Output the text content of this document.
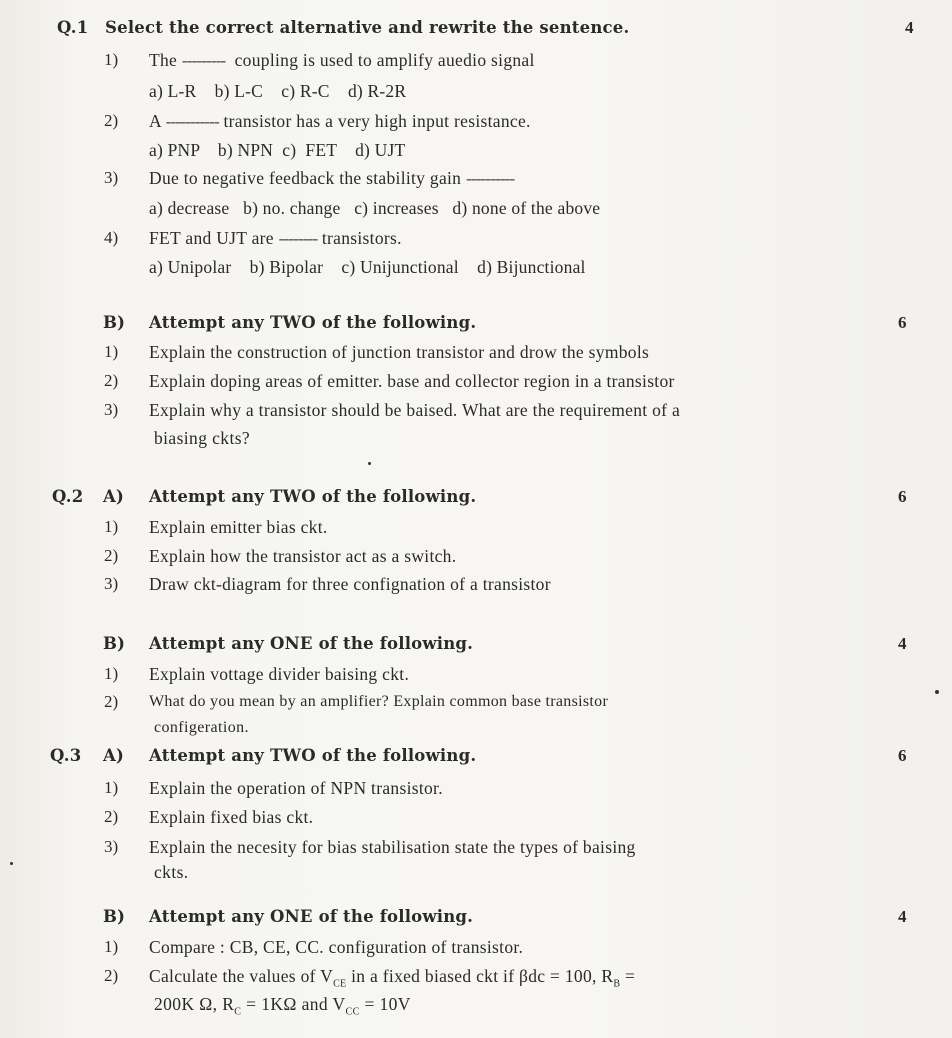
Q.1 Select the correct alternative and rewrite the sentence.	4
1) The --------- coupling is used to amplify auedio signal
a) L-R    b) L-C    c) R-C    d) R-2R
2) A ----------- transistor has a very high input resistance.
a) PNP    b) NPN  c)  FET    d) UJT
3) Due to negative feedback the stability gain ----------
a) decrease   b) no. change   c) increases   d) none of the above
4) FET and UJT are -------- transistors.
a) Unipolar    b) Bipolar    c) Unijunctional    d) Bijunctional
B) Attempt any TWO of the following.	6
1) Explain the construction of junction transistor and drow the symbols
2) Explain doping areas of emitter. base and collector region in a transistor
3) Explain why a transistor should be baised. What are the requirement of a
biasing ckts?
Q.2 A) Attempt any TWO of the following.	6
1) Explain emitter bias ckt.
2) Explain how the transistor act as a switch.
3) Draw ckt-diagram for three confignation of a transistor
B) Attempt any ONE of the following.	4
1) Explain vottage divider baising ckt.
2) What do you mean by an amplifier? Explain common base transistor
configeration.
Q.3 A) Attempt any TWO of the following.	6
1) Explain the operation of NPN transistor.
2) Explain fixed bias ckt.
3) Explain the necesity for bias stabilisation state the types of baising
ckts.
B) Attempt any ONE of the following.	4
1) Compare : CB, CE, CC. configuration of transistor.
2) Calculate the values of $V_{CE}$ in a fixed biased ckt if βdc = 100, $R_B$ =
200K Ω, $R_C = 1K\Omega$ and $V_{CC} = 10V$
